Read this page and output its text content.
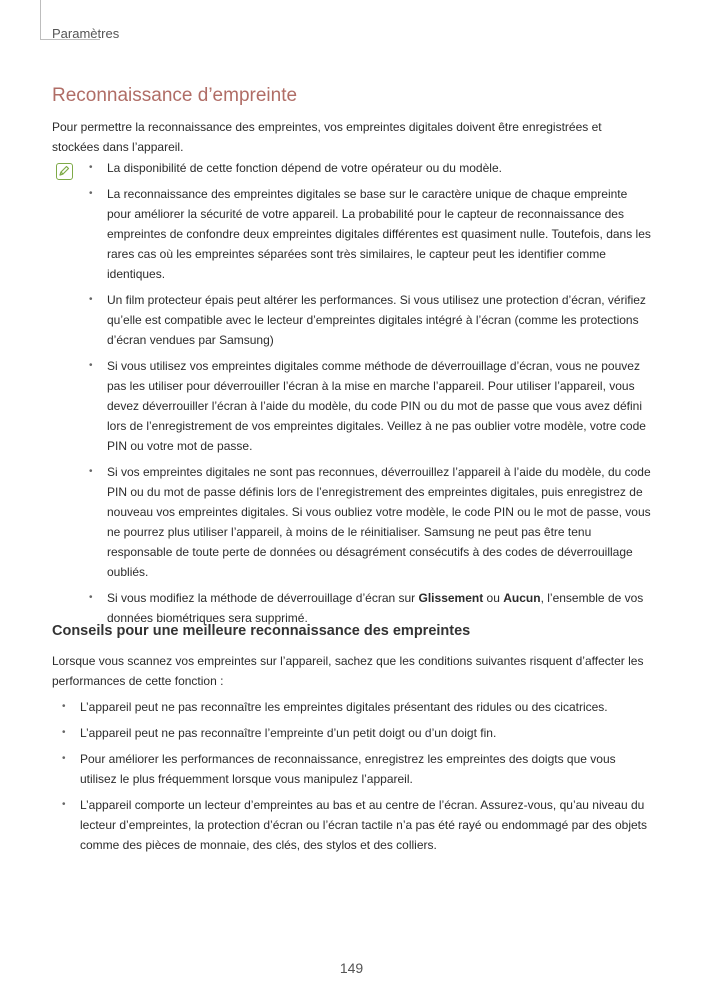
Paramètres
Reconnaissance d’empreinte

Pour permettre la reconnaissance des empreintes, vos empreintes digitales doivent être enregistrées et stockées dans l’appareil.

• La disponibilité de cette fonction dépend de votre opérateur ou du modèle.
• La reconnaissance des empreintes digitales se base sur le caractère unique de chaque empreinte pour améliorer la sécurité de votre appareil. La probabilité pour le capteur de reconnaissance des empreintes de confondre deux empreintes digitales différentes est quasiment nulle. Toutefois, dans les rares cas où les empreintes séparées sont très similaires, le capteur peut les identifier comme identiques.
• Un film protecteur épais peut altérer les performances. Si vous utilisez une protection d’écran, vérifiez qu’elle est compatible avec le lecteur d’empreintes digitales intégré à l’écran (comme les protections d’écran vendues par Samsung)
• Si vous utilisez vos empreintes digitales comme méthode de déverrouillage d’écran, vous ne pouvez pas les utiliser pour déverrouiller l’écran à la mise en marche l’appareil. Pour utiliser l’appareil, vous devez déverrouiller l’écran à l’aide du modèle, du code PIN ou du mot de passe que vous avez défini lors de l’enregistrement de vos empreintes digitales. Veillez à ne pas oublier votre modèle, votre code PIN ou votre mot de passe.
• Si vos empreintes digitales ne sont pas reconnues, déverrouillez l’appareil à l’aide du modèle, du code PIN ou du mot de passe définis lors de l’enregistrement des empreintes digitales, puis enregistrez de nouveau vos empreintes digitales. Si vous oubliez votre modèle, le code PIN ou le mot de passe, vous ne pourrez plus utiliser l’appareil, à moins de le réinitialiser. Samsung ne peut pas être tenu responsable de toute perte de données ou désagrément consécutifs à des codes de déverrouillage oubliés.
• Si vous modifiez la méthode de déverrouillage d’écran sur Glissement ou Aucun, l’ensemble de vos données biométriques sera supprimé.
Conseils pour une meilleure reconnaissance des empreintes

Lorsque vous scannez vos empreintes sur l’appareil, sachez que les conditions suivantes risquent d’affecter les performances de cette fonction :

• L’appareil peut ne pas reconnaître les empreintes digitales présentant des ridules ou des cicatrices.
• L’appareil peut ne pas reconnaître l’empreinte d’un petit doigt ou d’un doigt fin.
• Pour améliorer les performances de reconnaissance, enregistrez les empreintes des doigts que vous utilisez le plus fréquemment lorsque vous manipulez l’appareil.
• L’appareil comporte un lecteur d’empreintes au bas et au centre de l’écran. Assurez-vous, qu’au niveau du lecteur d’empreintes, la protection d’écran ou l’écran tactile n’a pas été rayé ou endommagé par des objets comme des pièces de monnaie, des clés, des stylos et des colliers.
149
